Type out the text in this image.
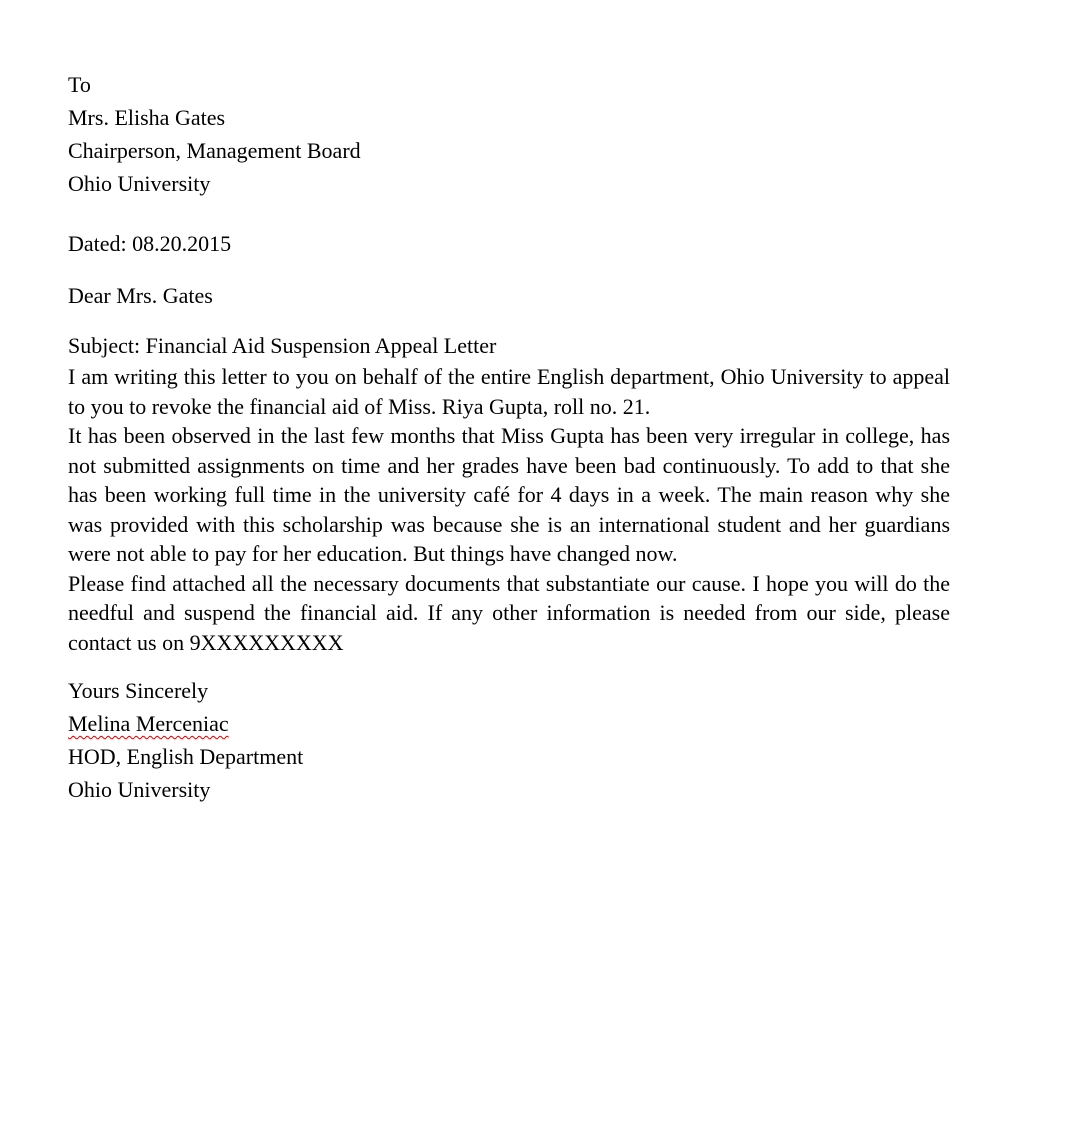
To
Mrs. Elisha Gates
Chairperson, Management Board
Ohio University
Dated: 08.20.2015
Dear Mrs. Gates
Subject: Financial Aid Suspension Appeal Letter

I am writing this letter to you on behalf of the entire English department, Ohio University to appeal to you to revoke the financial aid of Miss. Riya Gupta, roll no. 21.

It has been observed in the last few months that Miss Gupta has been very irregular in college, has not submitted assignments on time and her grades have been bad continuously. To add to that she has been working full time in the university café for 4 days in a week. The main reason why she was provided with this scholarship was because she is an international student and her guardians were not able to pay for her education. But things have changed now.

Please find attached all the necessary documents that substantiate our cause. I hope you will do the needful and suspend the financial aid. If any other information is needed from our side, please contact us on 9XXXXXXXXX

Yours Sincerely
Melina Merceniac
HOD, English Department
Ohio University
